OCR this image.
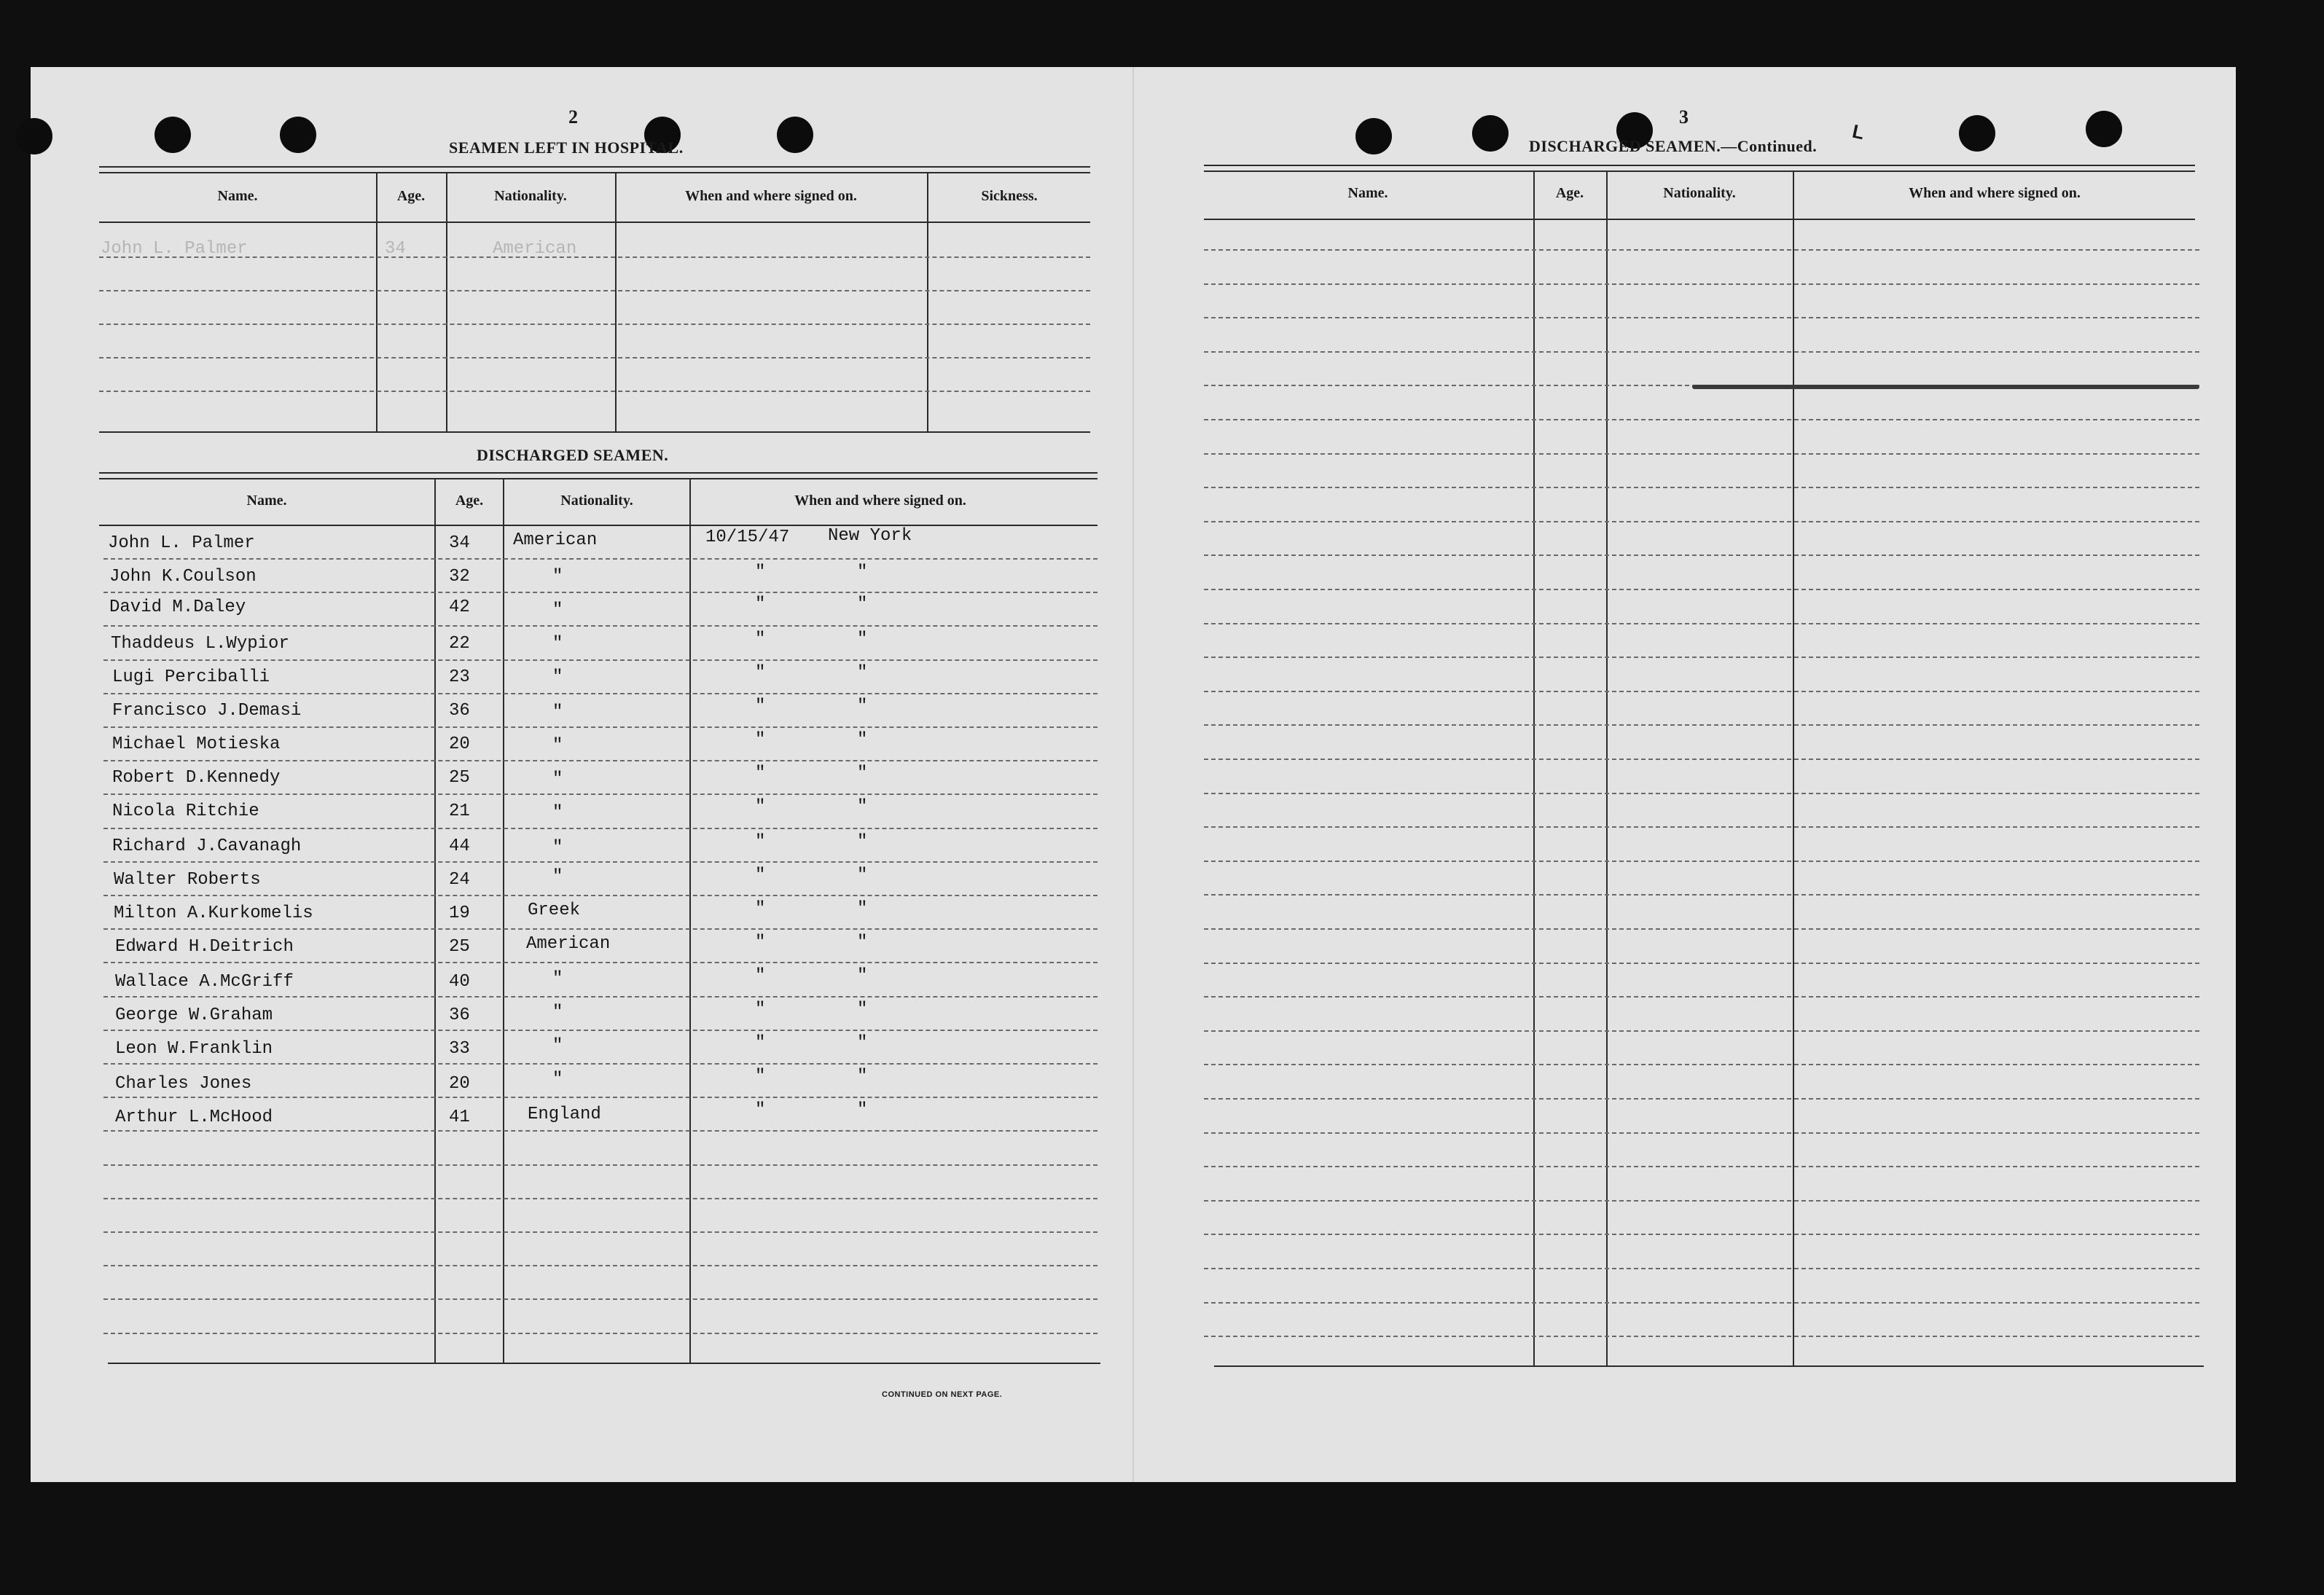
2
SEAMEN LEFT IN HOSPITAL.
Name.	Age.	Nationality.	When and where signed on.	Sickness.
John L. Palmer	34	American
DISCHARGED SEAMEN.
Name.	Age.	Nationality.	When and where signed on.
John L. Palmer	34 American	10/15/47 New York
John K.Coulson	32	"	"	"
David M.Daley	42	"	"	"
Thaddeus L.Wypior	22	"	"	"
Lugi Perciballi	23	"	"	"
Francisco J.Demasi	36	"	"	"
Michael Motieska	20	"	"	"
Robert D.Kennedy	25	"	"	"
Nicola Ritchie	21	"	"	"
Richard J.Cavanagh	44	"	"	"
Walter Roberts	24	"	"	"
Milton A.Kurkomelis	19	Greek	"	"
Edward H.Deitrich	25	American	"	"
Wallace A.McGriff	40	"	"	"
George W.Graham	36	"	"	"
Leon W.Franklin	33	"	"	"
Charles Jones	20	"	"	"
Arthur L.McHood	41	England	"	"
CONTINUED ON NEXT PAGE.
3
DISCHARGED SEAMEN.—Continued.
L
Name.	Age.	Nationality.	When and where signed on.
